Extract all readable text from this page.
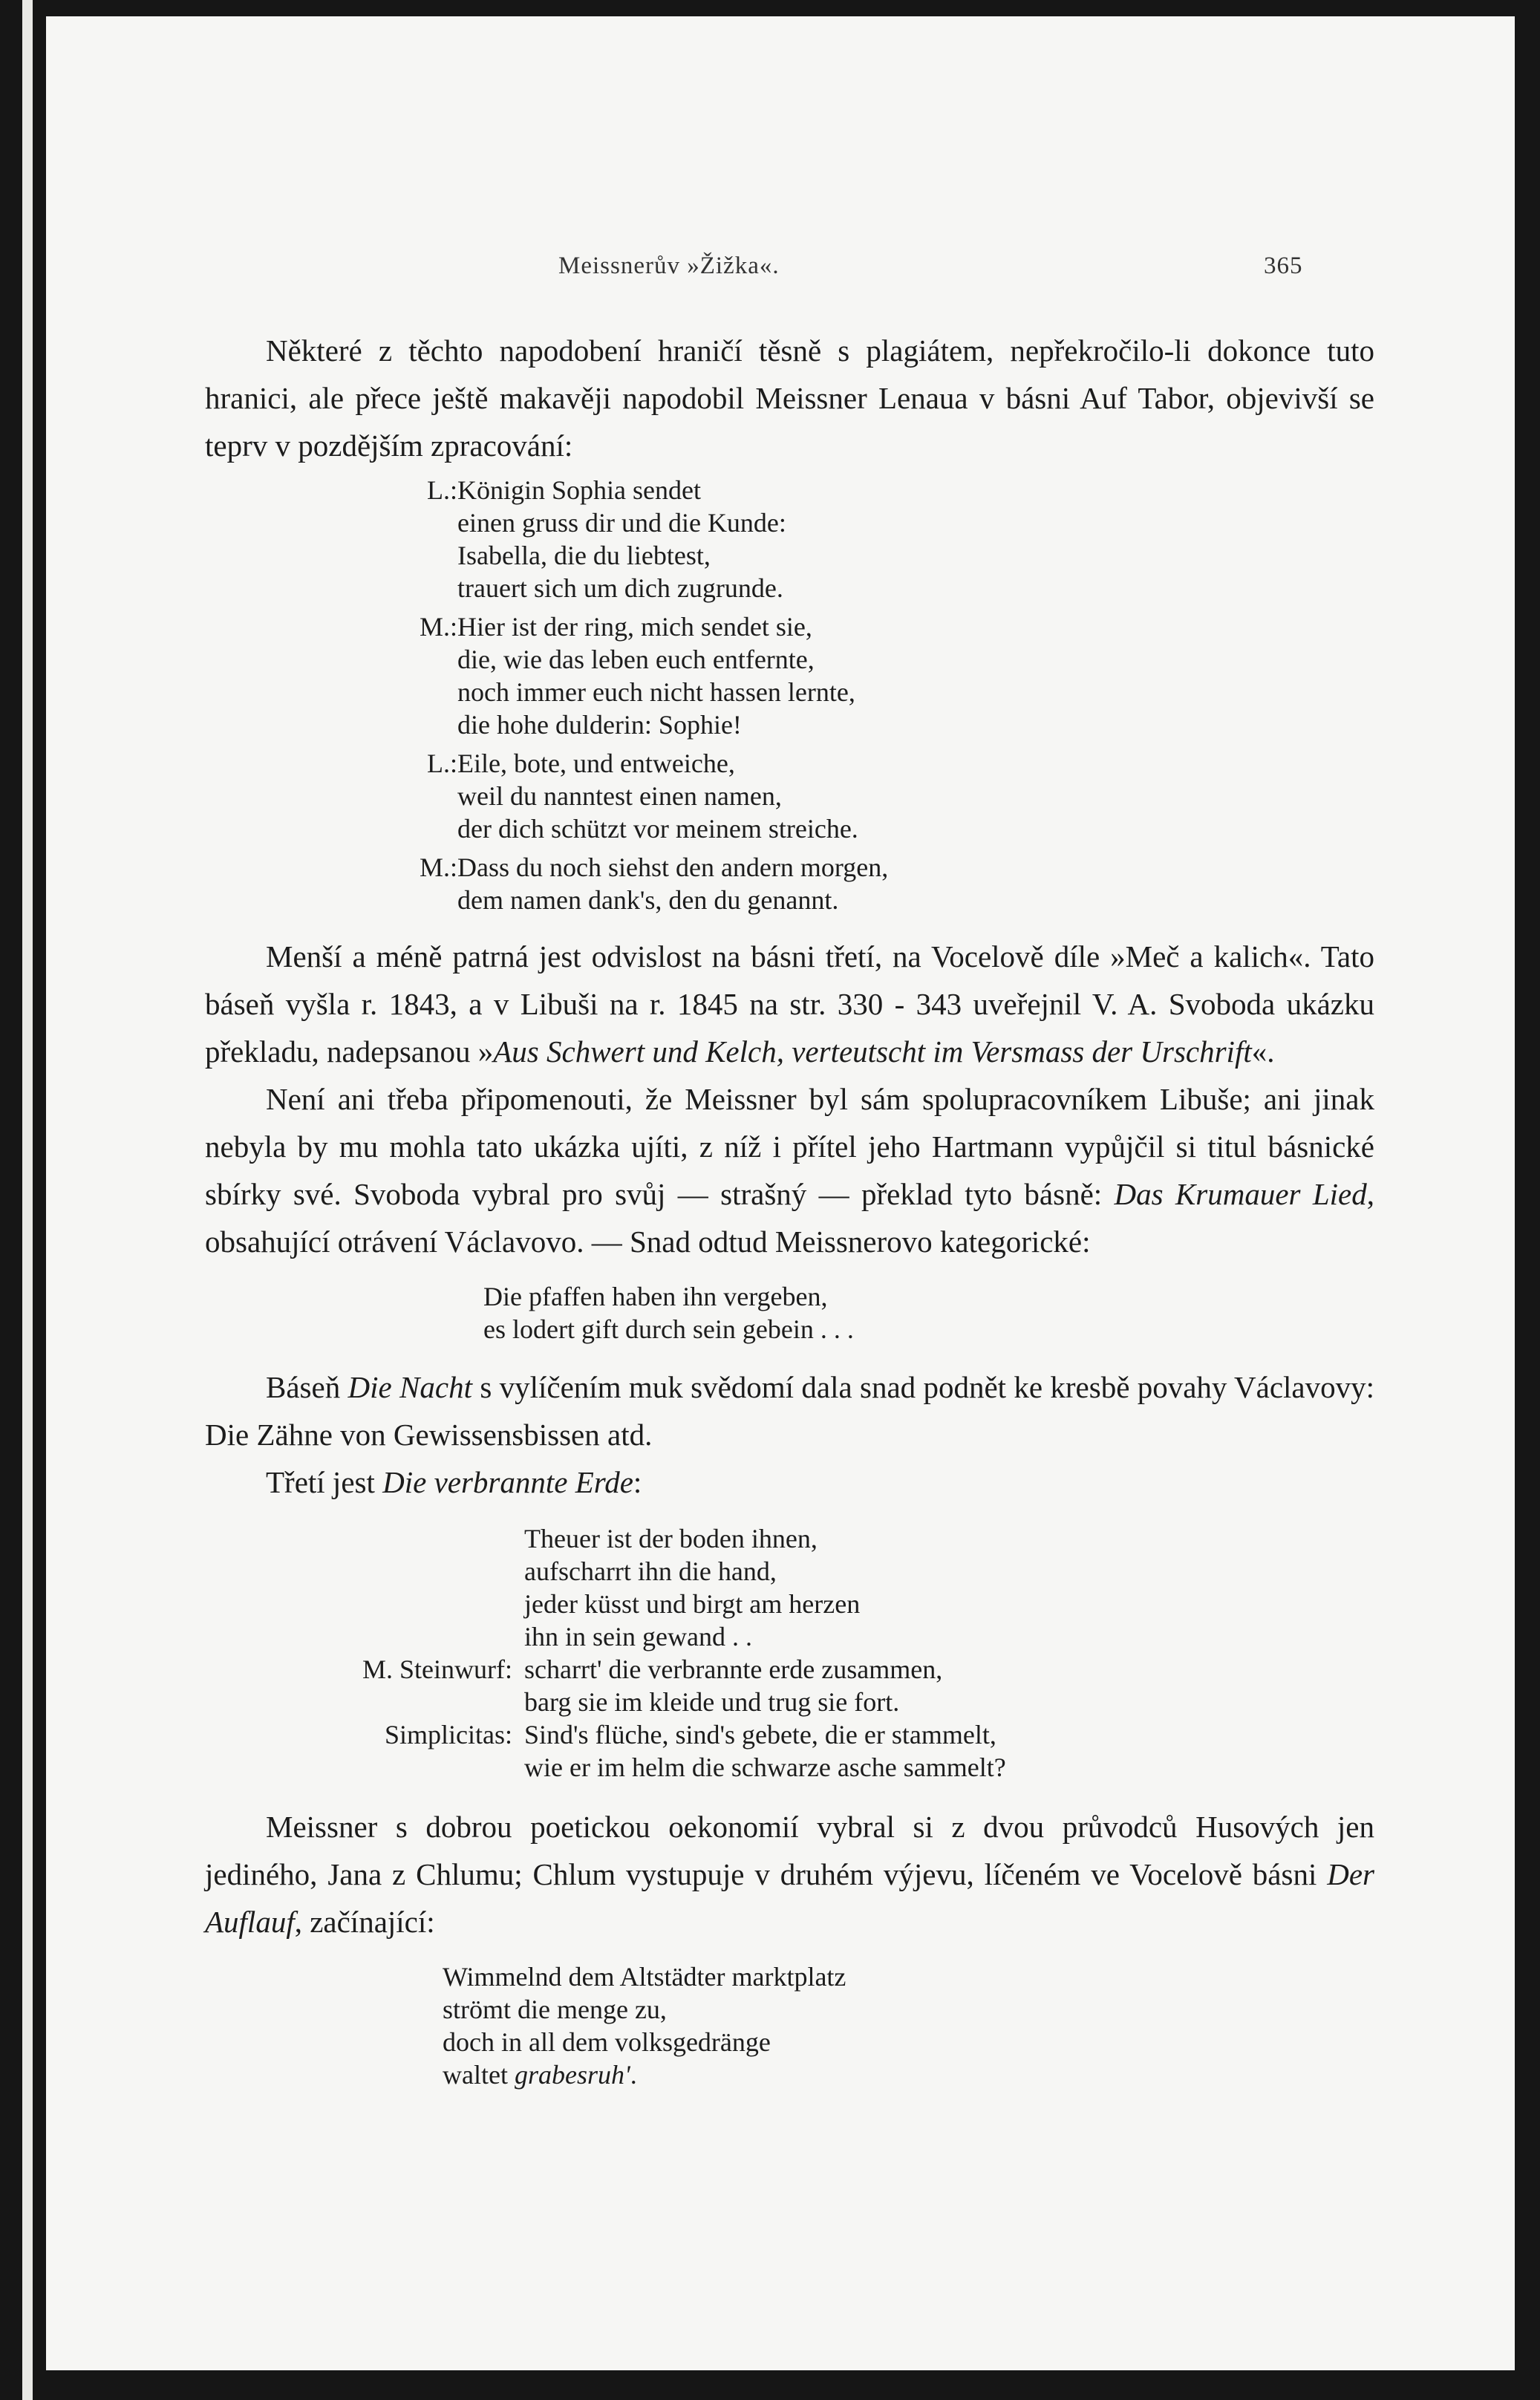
Meissnerův »Žižka«.	365

Některé z těchto napodobení hraničí těsně s plagiátem, nepřekročilo-li dokonce tuto hranici, ale přece ještě makavěji napodobil Meissner Lenaua v básni Auf Tabor, objevivší se teprv v pozdějším zpracování:

L.: Königin Sophia sendet
einen gruss dir und die Kunde:
Isabella, die du liebtest,
trauert sich um dich zugrunde.
M.: Hier ist der ring, mich sendet sie,
die, wie das leben euch entfernte,
noch immer euch nicht hassen lernte,
die hohe dulderin: Sophie!
L.: Eile, bote, und entweiche,
weil du nanntest einen namen,
der dich schützt vor meinem streiche.
M.: Dass du noch siehst den andern morgen,
dem namen dank's, den du genannt.

Menší a méně patrná jest odvislost na básni třetí, na Vocelově díle »Meč a kalich«. Tato báseň vyšla r. 1843, a v Libuši na r. 1845 na str. 330 - 343 uveřejnil V. A. Svoboda ukázku překladu, nadepsanou »Aus Schwert und Kelch, verteutscht im Versmass der Urschrift«.

Není ani třeba připomenouti, že Meissner byl sám spolupracovníkem Libuše; ani jinak nebyla by mu mohla tato ukázka ujíti, z níž i přítel jeho Hartmann vypůjčil si titul básnické sbírky své. Svoboda vybral pro svůj — strašný — překlad tyto básně: Das Krumauer Lied, obsahující otrávení Václavovo. — Snad odtud Meissnerovo kategorické:

Die pfaffen haben ihn vergeben,
es lodert gift durch sein gebein . . .

Báseň Die Nacht s vylíčením muk svědomí dala snad podnět ke kresbě povahy Václavovy: Die Zähne von Gewissensbissen atd.

Třetí jest Die verbrannte Erde:

Theuer ist der boden ihnen,
aufscharrt ihn die hand,
jeder küsst und birgt am herzen
ihn in sein gewand . .
M. Steinwurf: scharrt' die verbrannte erde zusammen,
barg sie im kleide und trug sie fort.
Simplicitas: Sind's flüche, sind's gebete, die er stammelt,
wie er im helm die schwarze asche sammelt?

Meissner s dobrou poetickou oekonomií vybral si z dvou průvodců Husových jen jediného, Jana z Chlumu; Chlum vystupuje v druhém výjevu, líčeném ve Vocelově básni Der Auflauf, začínající:

Wimmelnd dem Altstädter marktplatz
strömt die menge zu,
doch in all dem volksgedränge
waltet grabesruh'.
